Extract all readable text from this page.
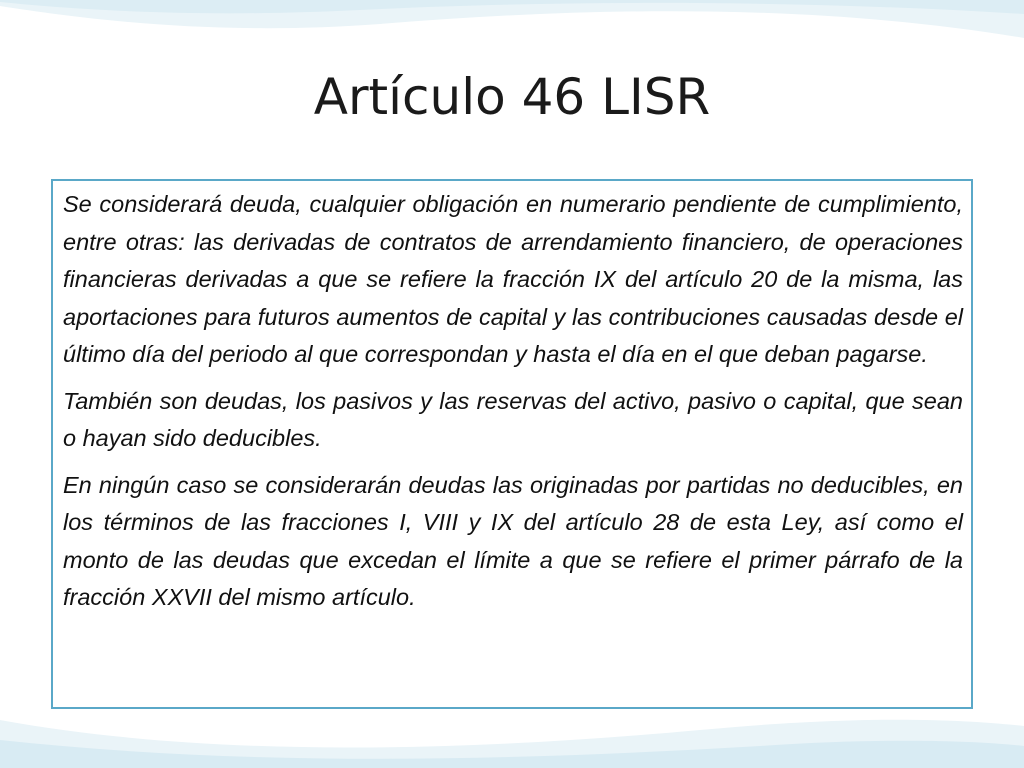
Artículo 46 LISR

Se considerará deuda, cualquier obligación en numerario pendiente de cumplimiento, entre otras: las derivadas de contratos de arrendamiento financiero, de operaciones financieras derivadas a que se refiere la fracción IX del artículo 20 de la misma, las aportaciones para futuros aumentos de capital y las contribuciones causadas desde el último día del periodo al que correspondan y hasta el día en el que deban pagarse.

También son deudas, los pasivos y las reservas del activo, pasivo o capital, que sean o hayan sido deducibles.

En ningún caso se considerarán deudas las originadas por partidas no deducibles, en los términos de las fracciones I, VIII y IX del artículo 28 de esta Ley, así como el monto de las deudas que excedan el límite a que se refiere el primer párrafo de la fracción XXVII del mismo artículo.
